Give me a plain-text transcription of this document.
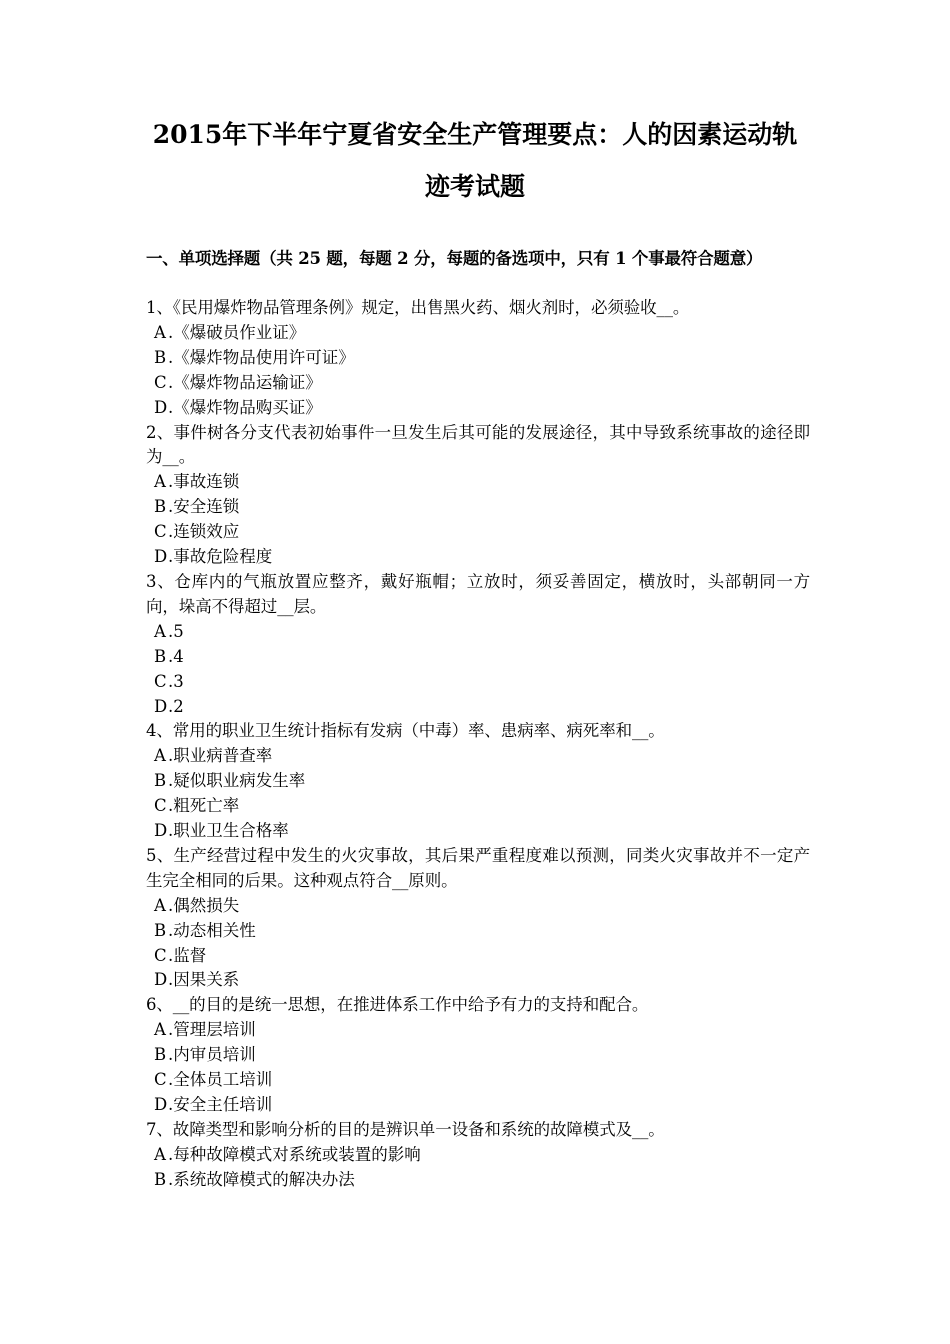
2015年下半年宁夏省安全生产管理要点：人的因素运动轨
迹考试题
一、单项选择题（共 25 题，每题 2 分，每题的备选项中，只有 1 个事最符合题意）

1、《民用爆炸物品管理条例》规定，出售黑火药、烟火剂时，必须验收__。

A .《爆破员作业证》

B .《爆炸物品使用许可证》

C.《爆炸物品运输证》

D.《爆炸物品购买证》

2、事件树各分支代表初始事件一旦发生后其可能的发展途径，其中导致系统事故的途径即为__。

A .事故连锁

B .安全连锁

C.连锁效应

D.事故危险程度

3、仓库内的气瓶放置应整齐，戴好瓶帽；立放时，须妥善固定，横放时，头部朝同一方向，垛高不得超过__层。

A .5

B .4

C.3

D.2

4、常用的职业卫生统计指标有发病（中毒）率、患病率、病死率和__。

A .职业病普查率

B .疑似职业病发生率

C.粗死亡率

D.职业卫生合格率

5、生产经营过程中发生的火灾事故，其后果严重程度难以预测，同类火灾事故并不一定产生完全相同的后果。这种观点符合__原则。

A .偶然损失

B .动态相关性

C.监督

D.因果关系

6、__的目的是统一思想，在推进体系工作中给予有力的支持和配合。

A .管理层培训

B .内审员培训

C.全体员工培训

D.安全主任培训

7、故障类型和影响分析的目的是辨识单一设备和系统的故障模式及__。

A .每种故障模式对系统或装置的影响

B .系统故障模式的解决办法
